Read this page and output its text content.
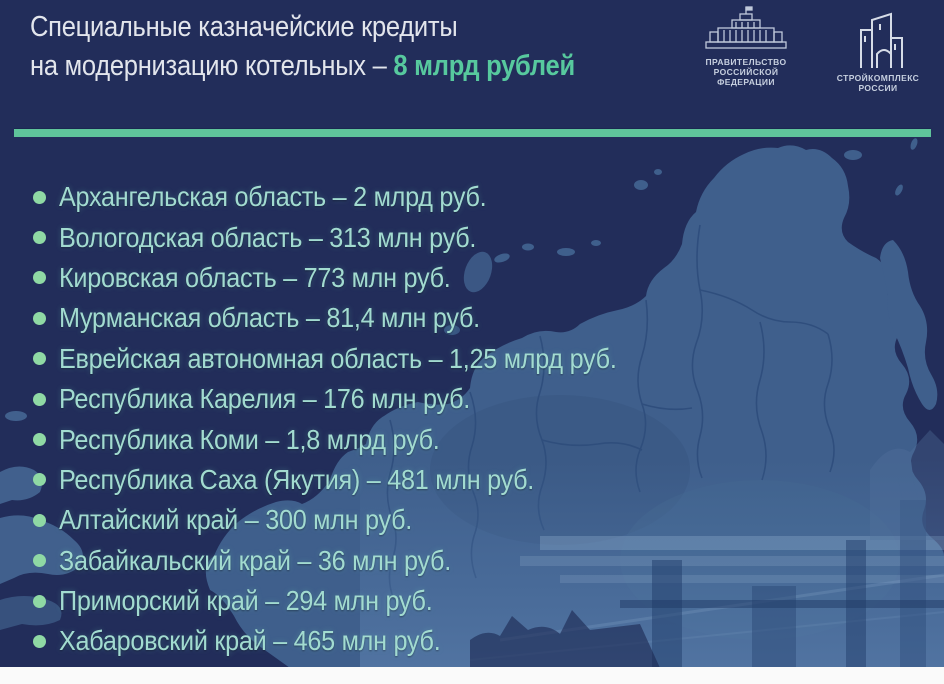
Специальные казначейские кредиты
на модернизацию котельных – 8 млрд рублей	ПРАВИТЕЛЬСТВО
РОССИЙСКОЙ
ФЕДЕРАЦИИ	СТРОЙКОМПЛЕКС
РОССИИ
Архангельская область – 2 млрд руб.
Вологодская область – 313 млн руб.
Кировская область – 773 млн руб.
Мурманская область – 81,4 млн руб.
Еврейская автономная область – 1,25 млрд руб.
Республика Карелия – 176 млн руб.
Республика Коми – 1,8 млрд руб.
Республика Саха (Якутия) – 481 млн руб.
Алтайский край – 300 млн руб.
Забайкальский край – 36 млн руб.
Приморский край – 294 млн руб.
Хабаровский край – 465 млн руб.
